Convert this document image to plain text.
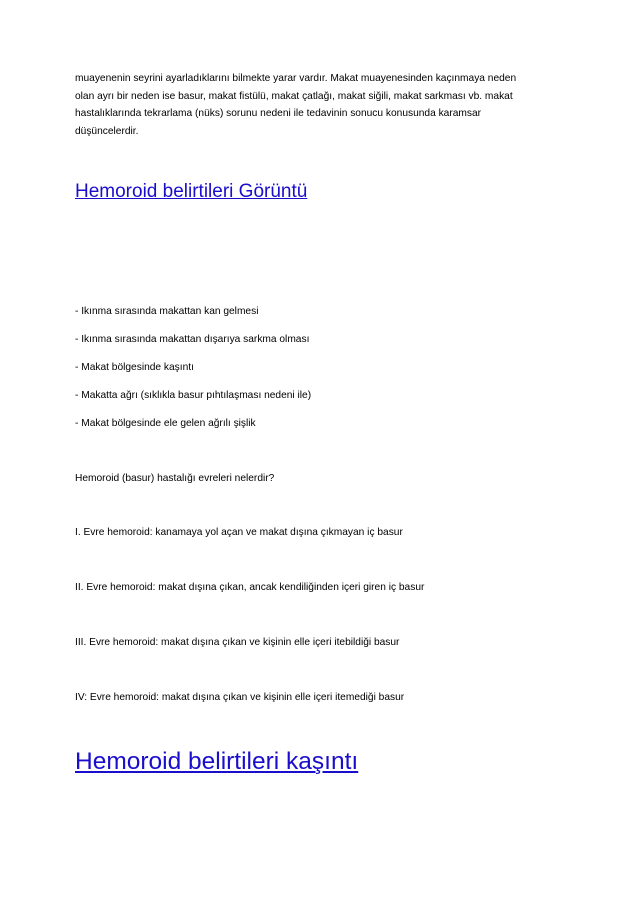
muayenenin seyrini ayarladıklarını bilmekte yarar vardır. Makat muayenesinden kaçınmaya neden
olan ayrı bir neden ise basur, makat fistülü, makat çatlağı, makat siğili, makat sarkması vb. makat
hastalıklarında tekrarlama (nüks) sorunu nedeni ile tedavinin sonucu konusunda karamsar
düşüncelerdir.
Hemoroid belirtileri Görüntü

- Ikınma sırasında makattan kan gelmesi

- Ikınma sırasında makattan dışarıya sarkma olması

- Makat bölgesinde kaşıntı

- Makatta ağrı (sıklıkla basur pıhtılaşması nedeni ile)

- Makat bölgesinde ele gelen ağrılı şişlik

Hemoroid (basur) hastalığı evreleri nelerdir?

I. Evre hemoroid: kanamaya yol açan ve makat dışına çıkmayan iç basur

II. Evre hemoroid: makat dışına çıkan, ancak kendiliğinden içeri giren iç basur

III. Evre hemoroid: makat dışına çıkan ve kişinin elle içeri itebildiği basur

IV: Evre hemoroid: makat dışına çıkan ve kişinin elle içeri itemediği basur

Hemoroid belirtileri kaşıntı
